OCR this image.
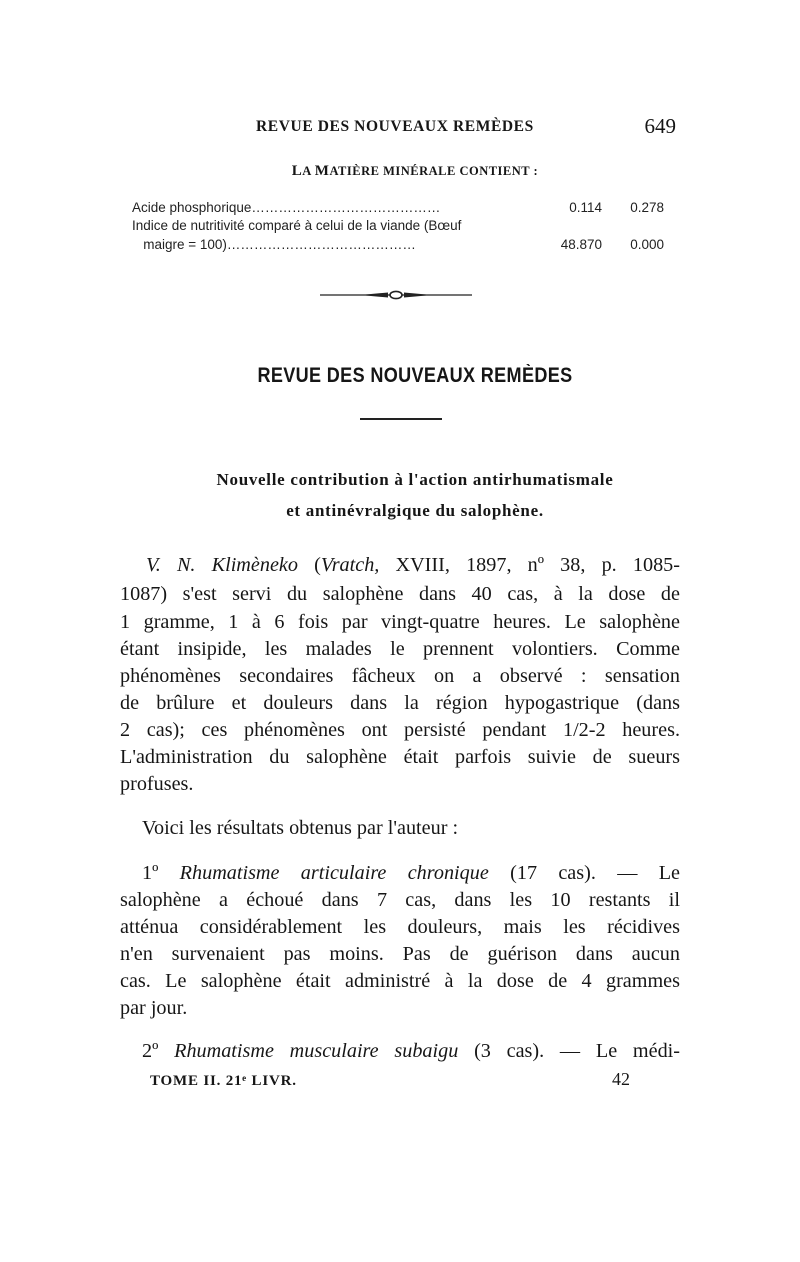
REVUE DES NOUVEAUX REMÈDES	649
LA MATIÈRE MINÉRALE CONTIENT :
Acide phosphorique……………………………………	0.114	0.278
Indice de nutritivité comparé à celui de la viande (Bœuf
maigre = 100)……………………………………	48.870	0.000
REVUE DES NOUVEAUX REMÈDES
Nouvelle contribution à l'action antirhumatismale
et antinévralgique du salophène.
V. N. Klimèneko (Vratch, XVIII, 1897, nº 38, p. 1085-
1087) s'est servi du salophène dans 40 cas, à la dose de
1 gramme, 1 à 6 fois par vingt-quatre heures. Le salophène
étant insipide, les malades le prennent volontiers. Comme
phénomènes secondaires fâcheux on a observé : sensation
de brûlure et douleurs dans la région hypogastrique (dans
2 cas); ces phénomènes ont persisté pendant 1/2-2 heures.
L'administration du salophène était parfois suivie de sueurs
profuses.
Voici les résultats obtenus par l'auteur :
1º Rhumatisme articulaire chronique (17 cas). — Le
salophène a échoué dans 7 cas, dans les 10 restants il
atténua considérablement les douleurs, mais les récidives
n'en survenaient pas moins. Pas de guérison dans aucun
cas. Le salophène était administré à la dose de 4 grammes
par jour.
2º Rhumatisme musculaire subaigu (3 cas). — Le médi-
TOME II. 21ᵉ LIVR.	42
